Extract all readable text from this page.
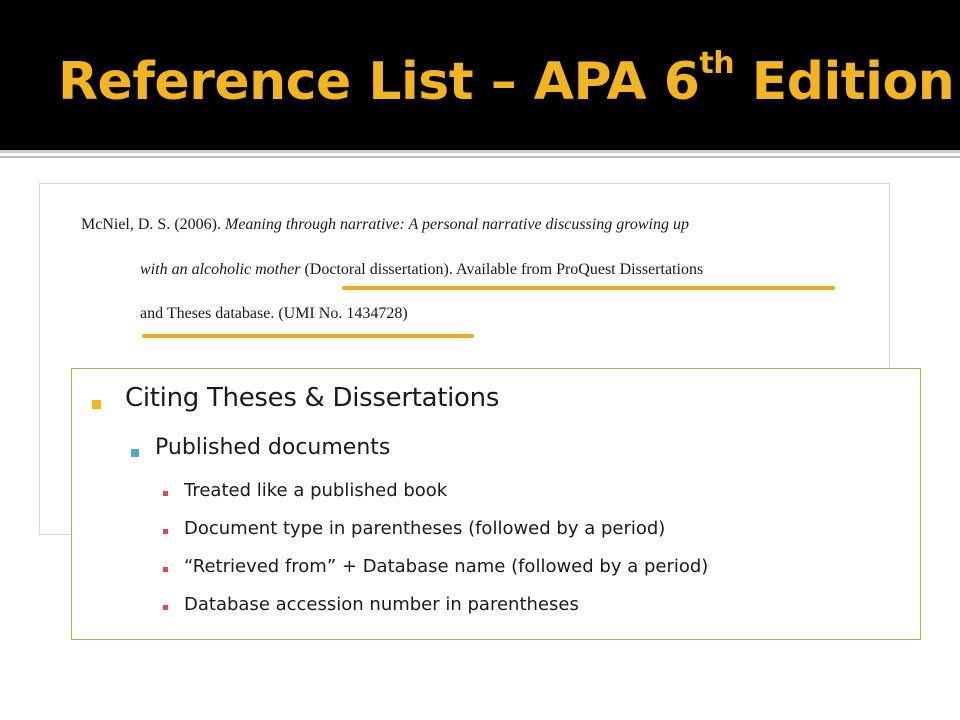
Reference List – APA 6th Edition
McNiel, D. S. (2006). Meaning through narrative: A personal narrative discussing growing up
with an alcoholic mother (Doctoral dissertation). Available from ProQuest Dissertations
and Theses database. (UMI No. 1434728)
Citing Theses & Dissertations
Published documents
Treated like a published book
Document type in parentheses (followed by a period)
“Retrieved from” + Database name (followed by a period)
Database accession number in parentheses
